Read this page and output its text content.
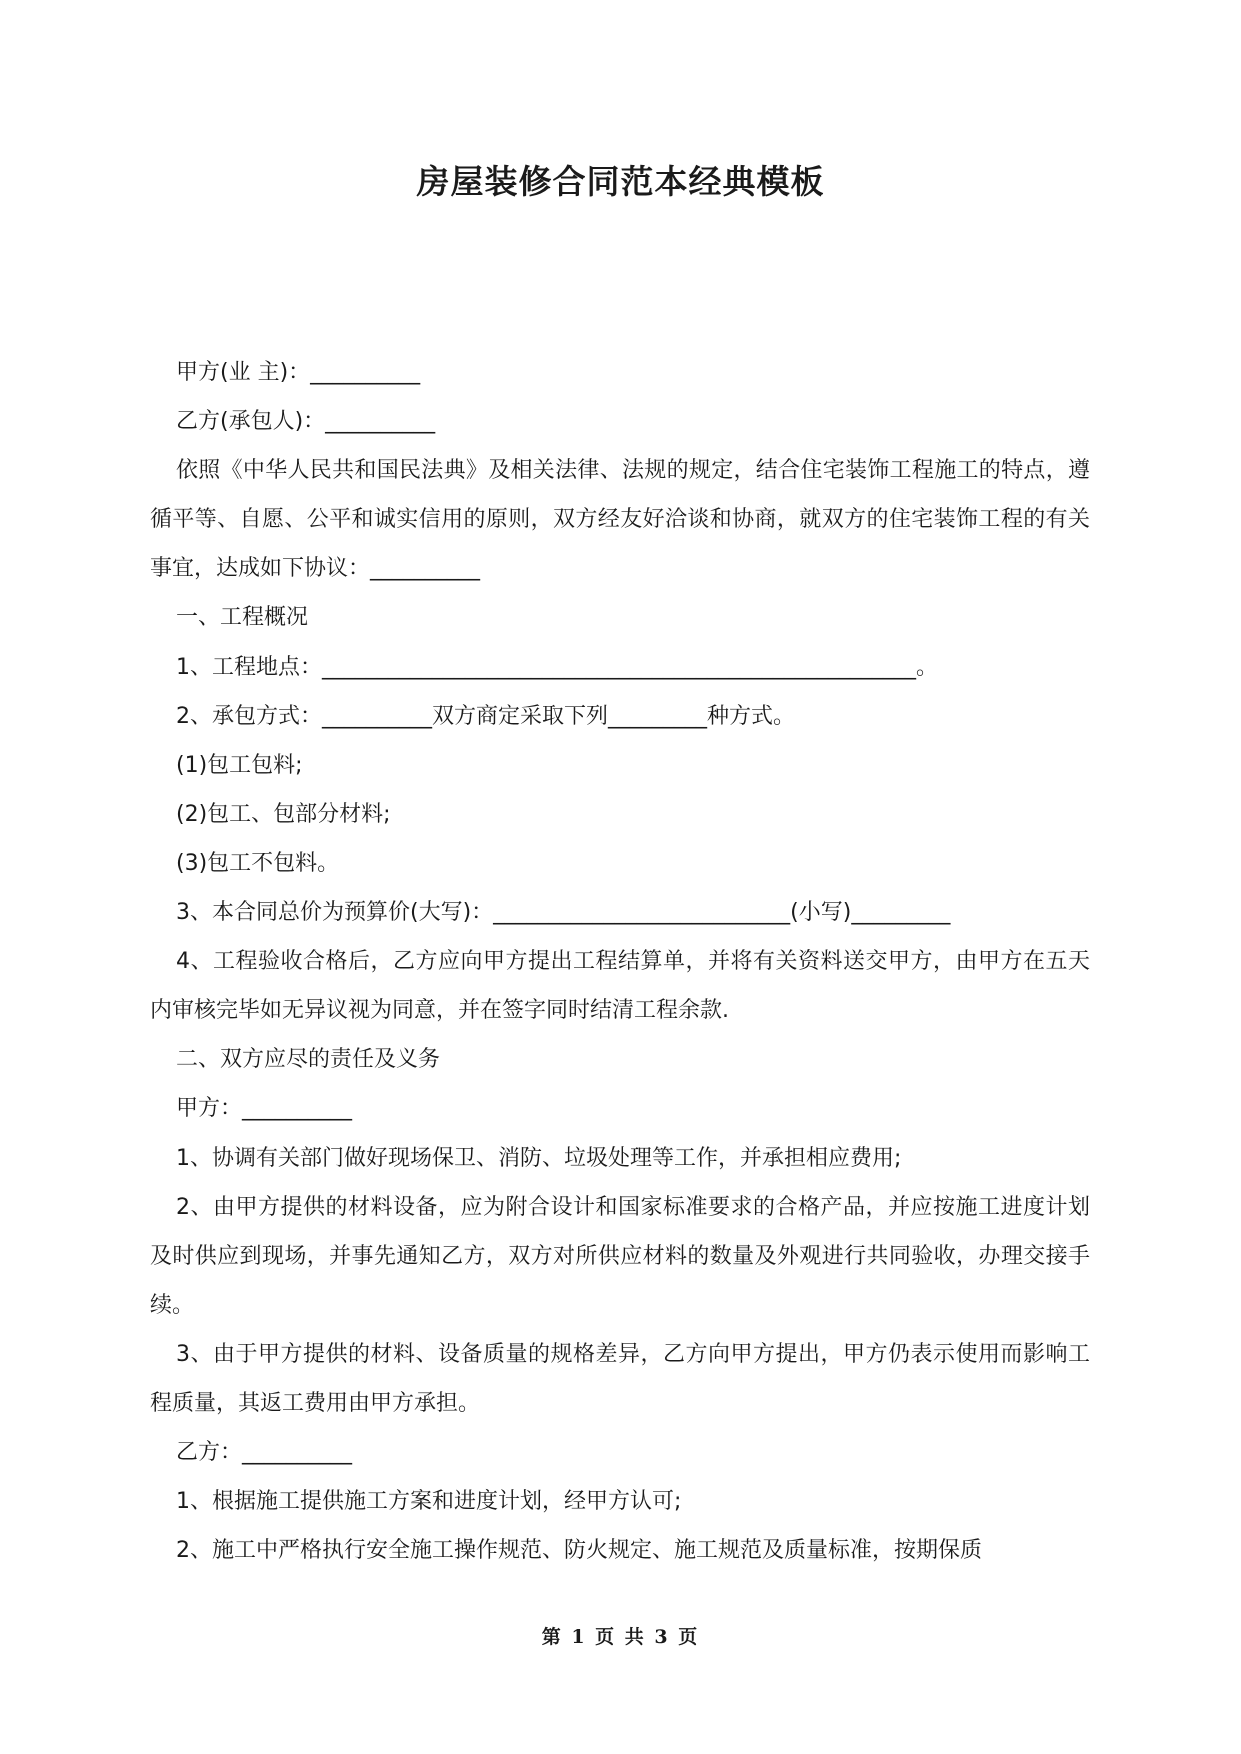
房屋装修合同范本经典模板

甲方(业 主)：__________

乙方(承包人)：__________

依照《中华人民共和国民法典》及相关法律、法规的规定，结合住宅装饰工程施工的特点，遵循平等、自愿、公平和诚实信用的原则，双方经友好洽谈和协商，就双方的住宅装饰工程的有关事宜，达成如下协议：__________

一、工程概况

1、工程地点：______________________________________________________。

2、承包方式：__________双方商定采取下列_________种方式。

(1)包工包料;

(2)包工、包部分材料;

(3)包工不包料。

3、本合同总价为预算价(大写)：___________________________(小写)_________

4、工程验收合格后，乙方应向甲方提出工程结算单，并将有关资料送交甲方，由甲方在五天内审核完毕如无异议视为同意，并在签字同时结清工程余款.

二、双方应尽的责任及义务

甲方：__________

1、协调有关部门做好现场保卫、消防、垃圾处理等工作，并承担相应费用;

2、由甲方提供的材料设备，应为附合设计和国家标准要求的合格产品，并应按施工进度计划及时供应到现场，并事先通知乙方，双方对所供应材料的数量及外观进行共同验收，办理交接手续。

3、由于甲方提供的材料、设备质量的规格差异，乙方向甲方提出，甲方仍表示使用而影响工程质量，其返工费用由甲方承担。

乙方：__________

1、根据施工提供施工方案和进度计划，经甲方认可;

2、施工中严格执行安全施工操作规范、防火规定、施工规范及质量标准，按期保质

第 1 页 共 3 页
